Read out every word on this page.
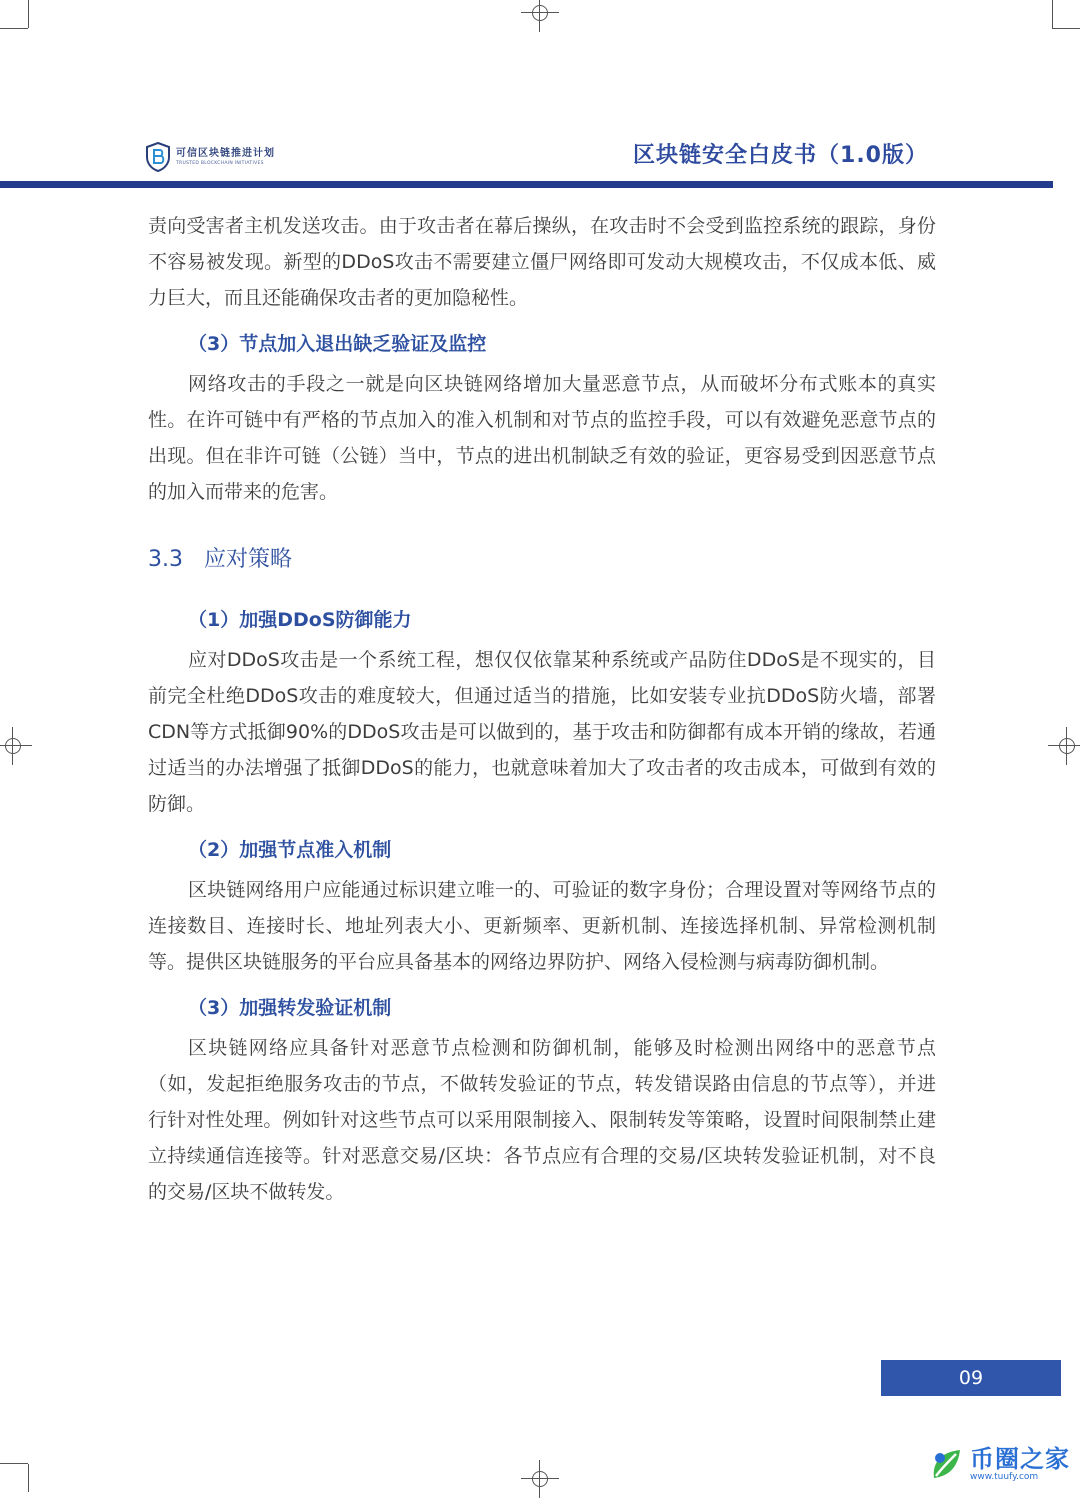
可信区块链推进计划
TRUSTED BLOCKCHAIN INITIATIVES	区块链安全白皮书（1.0版）

责向受害者主机发送攻击。由于攻击者在幕后操纵，在攻击时不会受到监控系统的跟踪，身份不容易被发现。新型的DDoS攻击不需要建立僵尸网络即可发动大规模攻击，不仅成本低、威力巨大，而且还能确保攻击者的更加隐秘性。

（3）节点加入退出缺乏验证及监控

网络攻击的手段之一就是向区块链网络增加大量恶意节点，从而破坏分布式账本的真实性。在许可链中有严格的节点加入的准入机制和对节点的监控手段，可以有效避免恶意节点的出现。但在非许可链（公链）当中，节点的进出机制缺乏有效的验证，更容易受到因恶意节点的加入而带来的危害。

3.3 应对策略
（1）加强DDoS防御能力

应对DDoS攻击是一个系统工程，想仅仅依靠某种系统或产品防住DDoS是不现实的，目前完全杜绝DDoS攻击的难度较大，但通过适当的措施，比如安装专业抗DDoS防火墙，部署CDN等方式抵御90%的DDoS攻击是可以做到的，基于攻击和防御都有成本开销的缘故，若通过适当的办法增强了抵御DDoS的能力，也就意味着加大了攻击者的攻击成本，可做到有效的防御。

（2）加强节点准入机制

区块链网络用户应能通过标识建立唯一的、可验证的数字身份；合理设置对等网络节点的连接数目、连接时长、地址列表大小、更新频率、更新机制、连接选择机制、异常检测机制等。提供区块链服务的平台应具备基本的网络边界防护、网络入侵检测与病毒防御机制。

（3）加强转发验证机制

区块链网络应具备针对恶意节点检测和防御机制，能够及时检测出网络中的恶意节点（如，发起拒绝服务攻击的节点，不做转发验证的节点，转发错误路由信息的节点等），并进行针对性处理。例如针对这些节点可以采用限制接入、限制转发等策略，设置时间限制禁止建立持续通信连接等。针对恶意交易/区块：各节点应有合理的交易/区块转发验证机制，对不良的交易/区块不做转发。

09
币圈之家
www.tuufy.com
